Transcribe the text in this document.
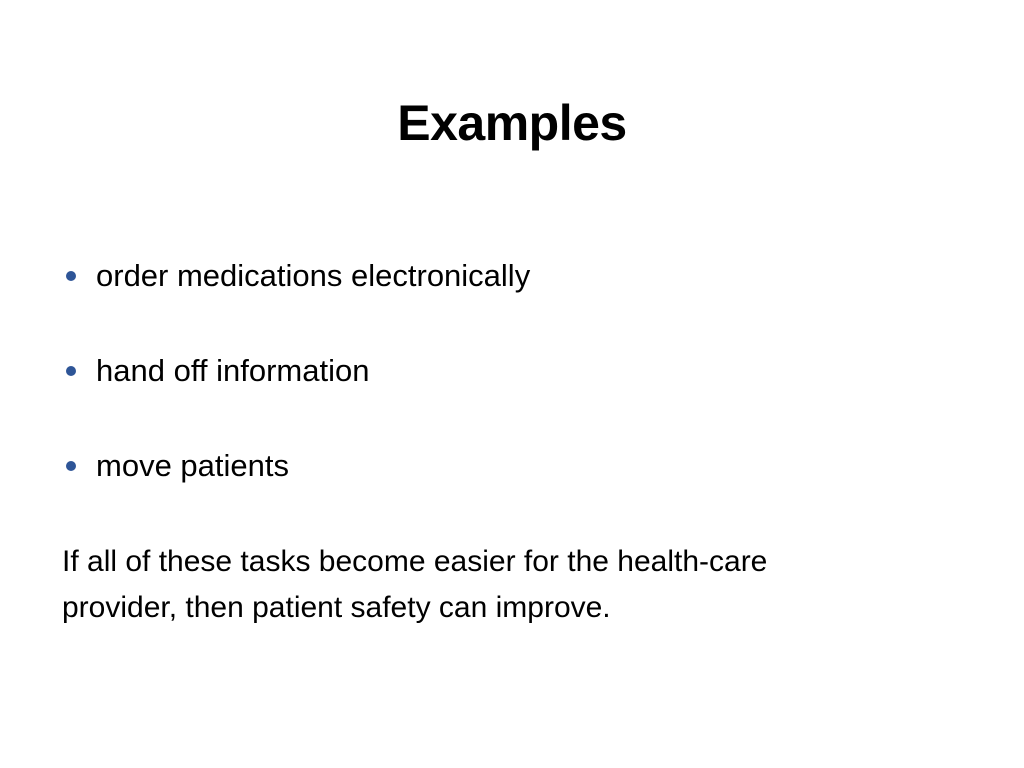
Examples
order medications electronically
hand off information
move patients
If all of these tasks become easier for the health-care
provider, then patient safety can improve.
